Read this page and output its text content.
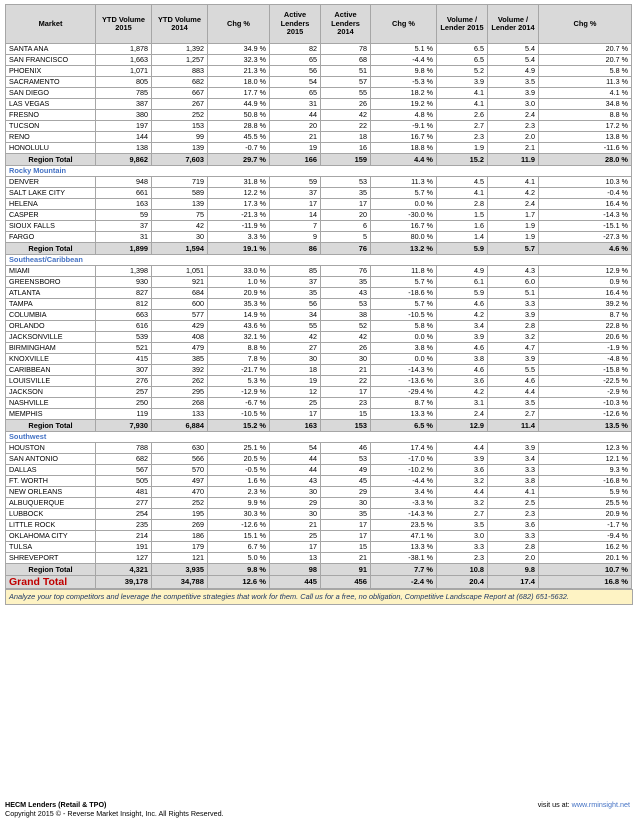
Market	YTD Volume 2015	YTD Volume 2014	Chg %	Active Lenders 2015	Active Lenders 2014	Chg %	Volume / Lender 2015	Volume / Lender 2014	Chg %
SANTA ANA	1,878	1,392	34.9 %	82	78	5.1 %	6.5	5.4	20.7 %
SAN FRANCISCO	1,663	1,257	32.3 %	65	68	-4.4 %	6.5	5.4	20.7 %
PHOENIX	1,071	883	21.3 %	56	51	9.8 %	5.2	4.9	5.8 %
SACRAMENTO	805	682	18.0 %	54	57	-5.3 %	3.9	3.5	11.3 %
SAN DIEGO	785	667	17.7 %	65	55	18.2 %	4.1	3.9	4.1 %
LAS VEGAS	387	267	44.9 %	31	26	19.2 %	4.1	3.0	34.8 %
FRESNO	380	252	50.8 %	44	42	4.8 %	2.6	2.4	8.8 %
TUCSON	197	153	28.8 %	20	22	-9.1 %	2.7	2.3	17.2 %
RENO	144	99	45.5 %	21	18	16.7 %	2.3	2.0	13.8 %
HONOLULU	138	139	-0.7 %	19	16	18.8 %	1.9	2.1	-11.6 %
Region Total	9,862	7,603	29.7 %	166	159	4.4 %	15.2	11.9	28.0 %
Rocky Mountain									
DENVER	948	719	31.8 %	59	53	11.3 %	4.5	4.1	10.3 %
SALT LAKE CITY	661	589	12.2 %	37	35	5.7 %	4.1	4.2	-0.4 %
HELENA	163	139	17.3 %	17	17	0.0 %	2.8	2.4	16.4 %
CASPER	59	75	-21.3 %	14	20	-30.0 %	1.5	1.7	-14.3 %
SIOUX FALLS	37	42	-11.9 %	7	6	16.7 %	1.6	1.9	-15.1 %
FARGO	31	30	3.3 %	9	5	80.0 %	1.4	1.9	-27.3 %
Region Total	1,899	1,594	19.1 %	86	76	13.2 %	5.9	5.7	4.6 %
Southeast/Caribbean									
MIAMI	1,398	1,051	33.0 %	85	76	11.8 %	4.9	4.3	12.9 %
GREENSBORO	930	921	1.0 %	37	35	5.7 %	6.1	6.0	0.9 %
ATLANTA	827	684	20.9 %	35	43	-18.6 %	5.9	5.1	16.4 %
TAMPA	812	600	35.3 %	56	53	5.7 %	4.6	3.3	39.2 %
COLUMBIA	663	577	14.9 %	34	38	-10.5 %	4.2	3.9	8.7 %
ORLANDO	616	429	43.6 %	55	52	5.8 %	3.4	2.8	22.8 %
JACKSONVILLE	539	408	32.1 %	42	42	0.0 %	3.9	3.2	20.6 %
BIRMINGHAM	521	479	8.8 %	27	26	3.8 %	4.6	4.7	-1.9 %
KNOXVILLE	415	385	7.8 %	30	30	0.0 %	3.8	3.9	-4.8 %
CARIBBEAN	307	392	-21.7 %	18	21	-14.3 %	4.6	5.5	-15.8 %
LOUISVILLE	276	262	5.3 %	19	22	-13.6 %	3.6	4.6	-22.5 %
JACKSON	257	295	-12.9 %	12	17	-29.4 %	4.2	4.4	-2.9 %
NASHVILLE	250	268	-6.7 %	25	23	8.7 %	3.1	3.5	-10.3 %
MEMPHIS	119	133	-10.5 %	17	15	13.3 %	2.4	2.7	-12.6 %
Region Total	7,930	6,884	15.2 %	163	153	6.5 %	12.9	11.4	13.5 %
Southwest									
HOUSTON	788	630	25.1 %	54	46	17.4 %	4.4	3.9	12.3 %
SAN ANTONIO	682	566	20.5 %	44	53	-17.0 %	3.9	3.4	12.1 %
DALLAS	567	570	-0.5 %	44	49	-10.2 %	3.6	3.3	9.3 %
FT. WORTH	505	497	1.6 %	43	45	-4.4 %	3.2	3.8	-16.8 %
NEW ORLEANS	481	470	2.3 %	30	29	3.4 %	4.4	4.1	5.9 %
ALBUQUERQUE	277	252	9.9 %	29	30	-3.3 %	3.2	2.5	25.5 %
LUBBOCK	254	195	30.3 %	30	35	-14.3 %	2.7	2.3	20.9 %
LITTLE ROCK	235	269	-12.6 %	21	17	23.5 %	3.5	3.6	-1.7 %
OKLAHOMA CITY	214	186	15.1 %	25	17	47.1 %	3.0	3.3	-9.4 %
TULSA	191	179	6.7 %	17	15	13.3 %	3.3	2.8	16.2 %
SHREVEPORT	127	121	5.0 %	13	21	-38.1 %	2.3	2.0	20.1 %
Region Total	4,321	3,935	9.8 %	98	91	7.7 %	10.8	9.8	10.7 %
Grand Total	39,178	34,788	12.6 %	445	456	-2.4 %	20.4	17.4	16.8 %
Analyze your top competitors and leverage the competitive strategies that work for them. Call us for a free, no obligation, Competitive Landscape Report at (682) 651-5632.
HECM Lenders (Retail & TPO)
Copyright 2015 © - Reverse Market Insight, Inc. All Rights Reserved.
visit us at: www.rminsight.net
